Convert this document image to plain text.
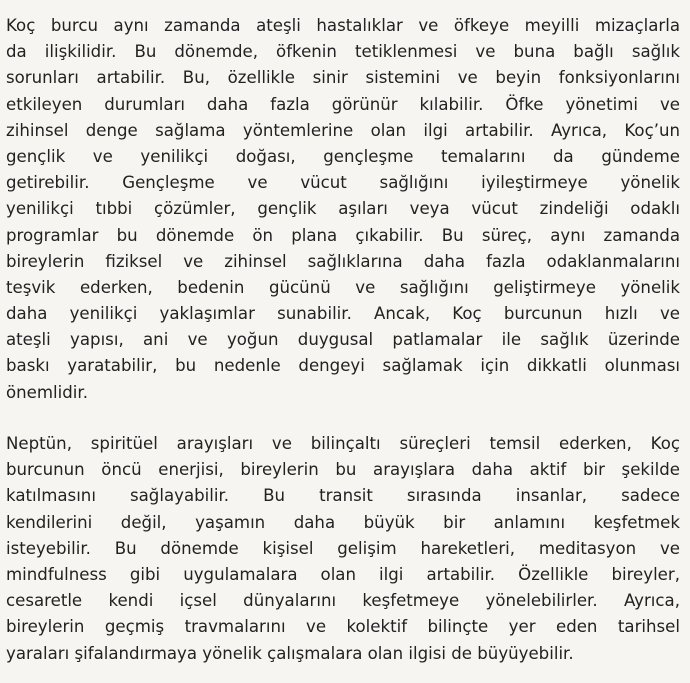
Koç burcu aynı zamanda ateşli hastalıklar ve öfkeye meyilli mizaçlarla
da ilişkilidir. Bu dönemde, öfkenin tetiklenmesi ve buna bağlı sağlık
sorunları artabilir. Bu, özellikle sinir sistemini ve beyin fonksiyonlarını
etkileyen durumları daha fazla görünür kılabilir. Öfke yönetimi ve
zihinsel denge sağlama yöntemlerine olan ilgi artabilir. Ayrıca, Koç’un
gençlik ve yenilikçi doğası, gençleşme temalarını da gündeme
getirebilir. Gençleşme ve vücut sağlığını iyileştirmeye yönelik
yenilikçi tıbbi çözümler, gençlik aşıları veya vücut zindeliği odaklı
programlar bu dönemde ön plana çıkabilir. Bu süreç, aynı zamanda
bireylerin fiziksel ve zihinsel sağlıklarına daha fazla odaklanmalarını
teşvik ederken, bedenin gücünü ve sağlığını geliştirmeye yönelik
daha yenilikçi yaklaşımlar sunabilir. Ancak, Koç burcunun hızlı ve
ateşli yapısı, ani ve yoğun duygusal patlamalar ile sağlık üzerinde
baskı yaratabilir, bu nedenle dengeyi sağlamak için dikkatli olunması
önemlidir.

Neptün, spiritüel arayışları ve bilinçaltı süreçleri temsil ederken, Koç
burcunun öncü enerjisi, bireylerin bu arayışlara daha aktif bir şekilde
katılmasını sağlayabilir. Bu transit sırasında insanlar, sadece
kendilerini değil, yaşamın daha büyük bir anlamını keşfetmek
isteyebilir. Bu dönemde kişisel gelişim hareketleri, meditasyon ve
mindfulness gibi uygulamalara olan ilgi artabilir. Özellikle bireyler,
cesaretle kendi içsel dünyalarını keşfetmeye yönelebilirler. Ayrıca,
bireylerin geçmiş travmalarını ve kolektif bilinçte yer eden tarihsel
yaraları şifalandırmaya yönelik çalışmalara olan ilgisi de büyüyebilir.
